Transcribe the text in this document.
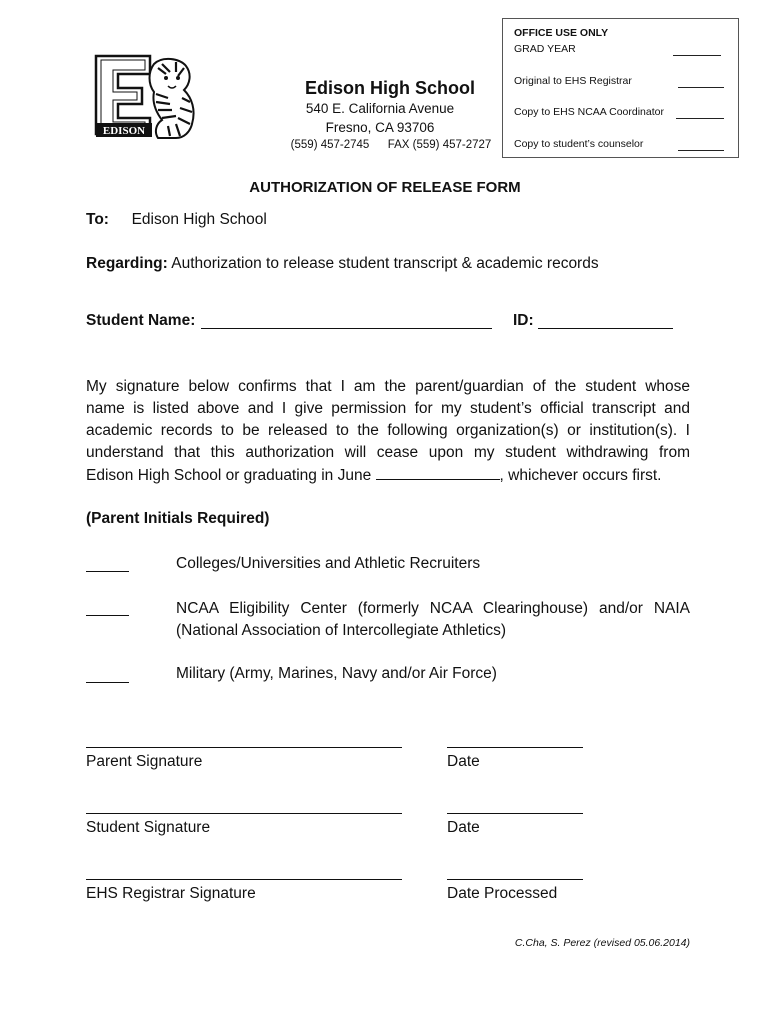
OFFICE USE ONLY
GRAD YEAR
Original to EHS Registrar
Copy to EHS NCAA Coordinator
Copy to student’s counselor
EDISON
Edison High School
540 E. California Avenue
Fresno, CA 93706
(559) 457-2745 FAX (559) 457-2727
AUTHORIZATION OF RELEASE FORM
To: Edison High School
Regarding: Authorization to release student transcript & academic records
Student Name:	ID:
My signature below confirms that I am the parent/guardian of the student whose
name is listed above and I give permission for my student’s official transcript and
academic records to be released to the following organization(s) or institution(s). I
understand that this authorization will cease upon my student withdrawing from
Edison High School or graduating in June	, whichever occurs first.
(Parent Initials Required)
Colleges/Universities and Athletic Recruiters
NCAA Eligibility Center (formerly NCAA Clearinghouse) and/or NAIA
(National Association of Intercollegiate Athletics)
Military (Army, Marines, Navy and/or Air Force)
Parent Signature	Date
Student Signature	Date
EHS Registrar Signature	Date Processed
C.Cha, S. Perez (revised 05.06.2014)
